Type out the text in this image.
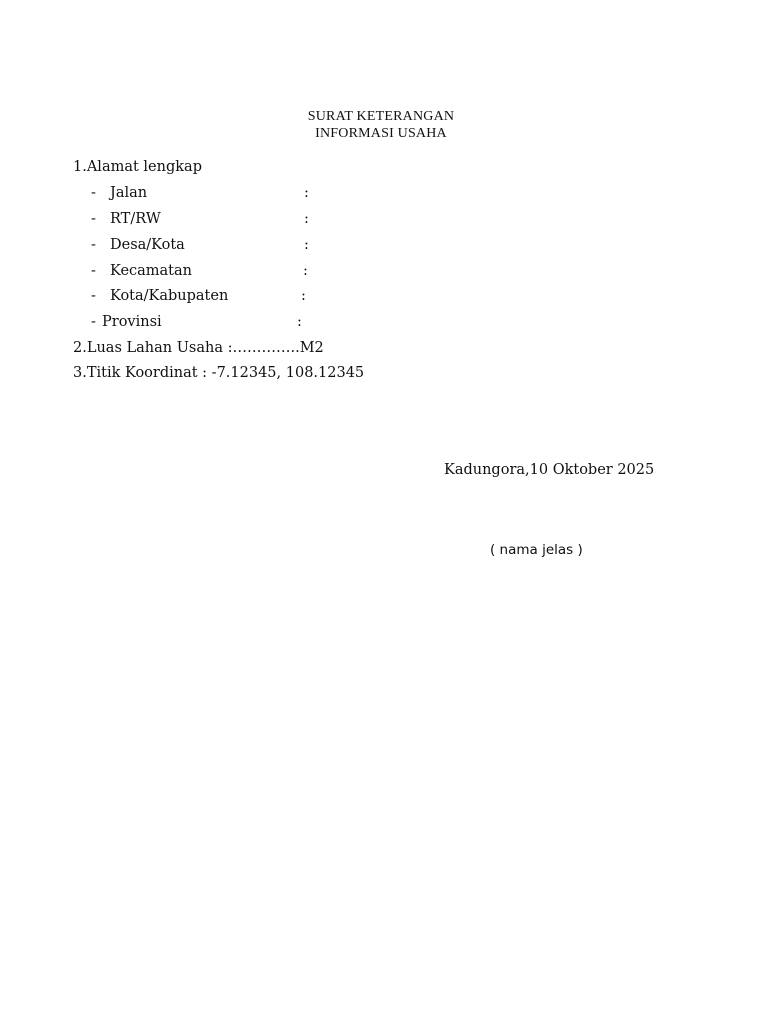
SURAT KETERANGAN
INFORMASI USAHA
1.Alamat lengkap
- Jalan	:
- RT/RW	:
- Desa/Kota	:
- Kecamatan	:
- Kota/Kabupaten	:
- Provinsi	:
2.Luas Lahan Usaha :…………..M2
3.Titik Koordinat : -7.12345, 108.12345
Kadungora,10 Oktober 2025
( nama jelas )
